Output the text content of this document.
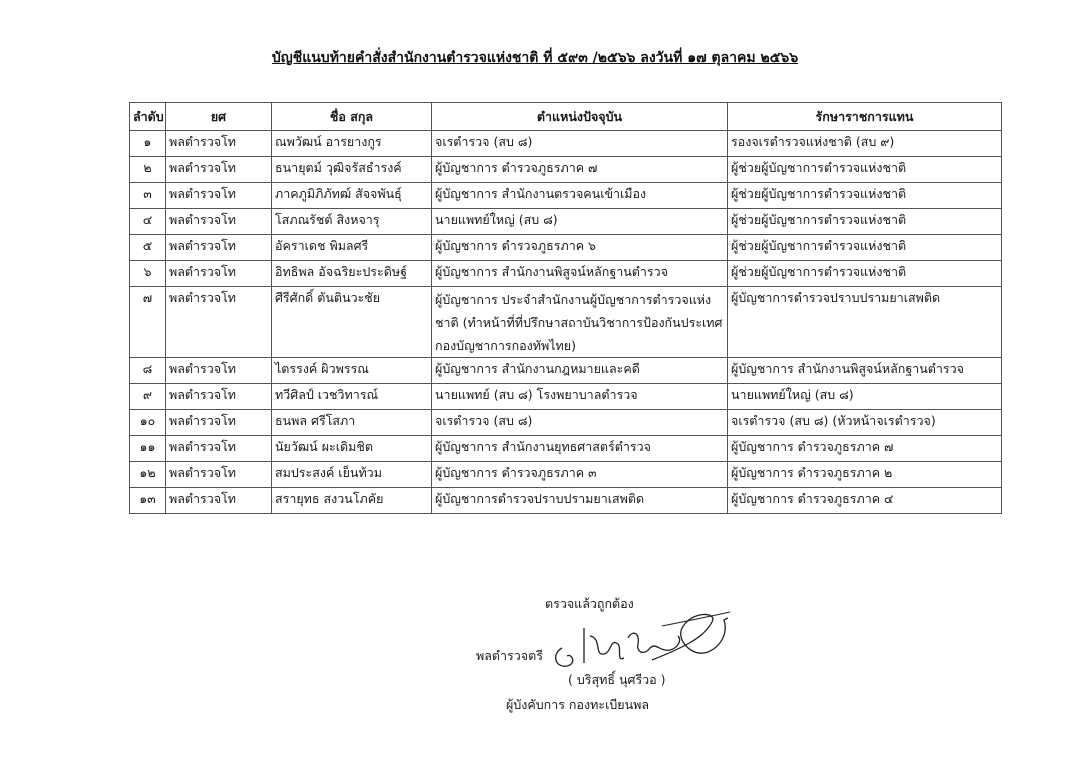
บัญชีแนบท้ายคำสั่งสำนักงานตำรวจแห่งชาติ ที่ ๕๙๓ /๒๕๖๖ ลงวันที่ ๑๗ ตุลาคม ๒๕๖๖
ลำดับ	ยศ	ชื่อ สกุล	ตำแหน่งปัจจุบัน	รักษาราชการแทน
๑	พลตำรวจโท	ณพวัฒน์ อารยางกูร	จเรตำรวจ (สบ ๘)	รองจเรตำรวจแห่งชาติ (สบ ๙)
๒	พลตำรวจโท	ธนายุตม์ วุฒิจรัสธำรงค์	ผู้บัญชาการ ตำรวจภูธรภาค ๗	ผู้ช่วยผู้บัญชาการตำรวจแห่งชาติ
๓	พลตำรวจโท	ภาคภูมิภิภัทฒ์ สัจจพันธุ์	ผู้บัญชาการ สำนักงานตรวจคนเข้าเมือง	ผู้ช่วยผู้บัญชาการตำรวจแห่งชาติ
๔	พลตำรวจโท	โสภณรัชต์ สิงหจารุ	นายแพทย์ใหญ่ (สบ ๘)	ผู้ช่วยผู้บัญชาการตำรวจแห่งชาติ
๕	พลตำรวจโท	อัคราเดช พิมลศรี	ผู้บัญชาการ ตำรวจภูธรภาค ๖	ผู้ช่วยผู้บัญชาการตำรวจแห่งชาติ
๖	พลตำรวจโท	อิทธิพล อัจฉริยะประดิษฐ์	ผู้บัญชาการ สำนักงานพิสูจน์หลักฐานตำรวจ	ผู้ช่วยผู้บัญชาการตำรวจแห่งชาติ
๗	พลตำรวจโท	ศีรีศักดิ์ ตันตินวะชัย	ผู้บัญชาการ ประจำสำนักงานผู้บัญชาการตำรวจแห่งชาติ (ทำหน้าที่ที่ปรึกษาสถาบันวิชาการป้องกันประเทศ กองบัญชาการกองทัพไทย)	ผู้บัญชาการตำรวจปราบปรามยาเสพติด
๘	พลตำรวจโท	ไตรรงค์ ผิวพรรณ	ผู้บัญชาการ สำนักงานกฎหมายและคดี	ผู้บัญชาการ สำนักงานพิสูจน์หลักฐานตำรวจ
๙	พลตำรวจโท	ทวีศิลป์ เวชวิทารณ์	นายแพทย์ (สบ ๘) โรงพยาบาลตำรวจ	นายแพทย์ใหญ่ (สบ ๘)
๑๐	พลตำรวจโท	ธนพล ศรีโสภา	จเรตำรวจ (สบ ๘)	จเรตำรวจ (สบ ๘) (หัวหน้าจเรตำรวจ)
๑๑	พลตำรวจโท	นัยวัฒน์ ผะเดิมชิต	ผู้บัญชาการ สำนักงานยุทธศาสตร์ตำรวจ	ผู้บัญชาการ ตำรวจภูธรภาค ๗
๑๒	พลตำรวจโท	สมประสงค์ เย็นท้วม	ผู้บัญชาการ ตำรวจภูธรภาค ๓	ผู้บัญชาการ ตำรวจภูธรภาค ๒
๑๓	พลตำรวจโท	สรายุทธ สงวนโภคัย	ผู้บัญชาการตำรวจปราบปรามยาเสพติด	ผู้บัญชาการ ตำรวจภูธรภาค ๔
ตรวจแล้วถูกต้อง
พลตำรวจตรี
( บริสุทธิ์ นุศรีวอ )
ผู้บังคับการ กองทะเบียนพล
